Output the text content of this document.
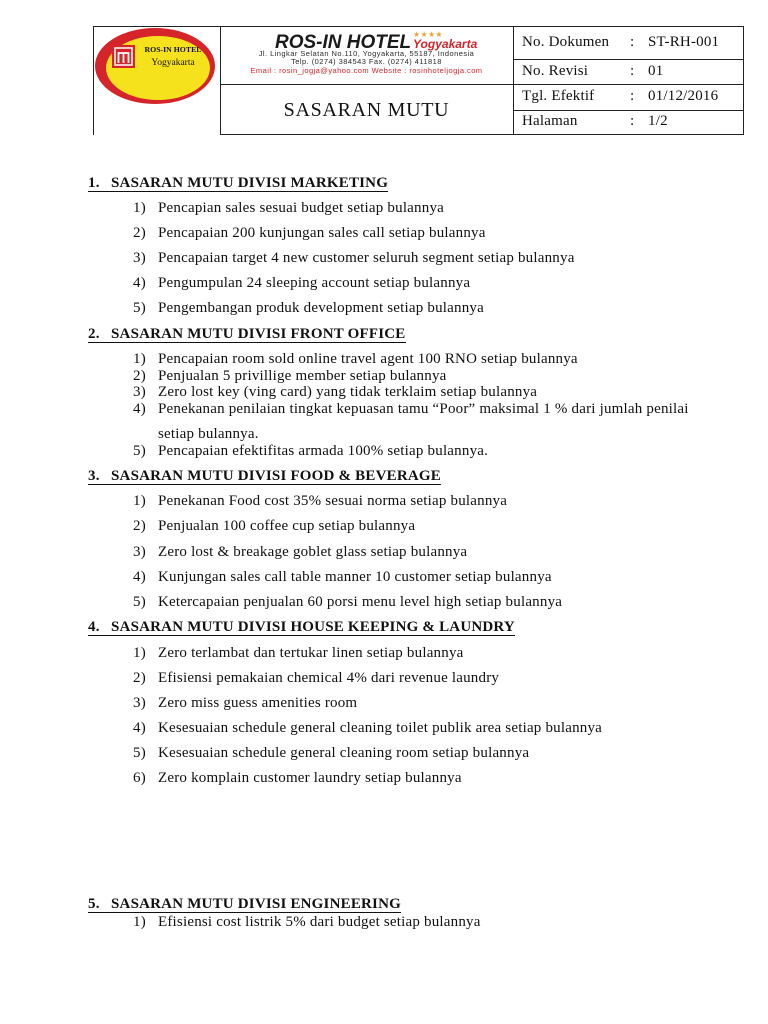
ROS-IN HOTEL
Yogyakarta
ROS-IN HOTEL ★★★★
Yogyakarta
Jl. Lingkar Selatan No.110, Yogyakarta, 55187, Indonesia
Telp. (0274) 384543 Fax. (0274) 411818
Email : rosin_jogja@yahoo.com Website : rosinhoteljogja.com
SASARAN MUTU
No. Dokumen : ST-RH-001
No. Revisi	: 01
Tgl. Efektif : 01/12/2016
Halaman	: 1/2
1. SASARAN MUTU DIVISI MARKETING
1) Pencapian sales sesuai budget setiap bulannya
2) Pencapaian 200 kunjungan sales call setiap bulannya
3) Pencapaian target 4 new customer seluruh segment setiap bulannya
4) Pengumpulan 24 sleeping account setiap bulannya
5) Pengembangan produk development setiap bulannya
2. SASARAN MUTU DIVISI FRONT OFFICE
1) Pencapaian room sold online travel agent 100 RNO setiap bulannya
2) Penjualan 5 privillige member setiap bulannya
3) Zero lost key (ving card) yang tidak terklaim setiap bulannya
4) Penekanan penilaian tingkat kepuasan tamu “Poor” maksimal 1 % dari jumlah penilai
setiap bulannya.
5) Pencapaian efektifitas armada 100% setiap bulannya.
3. SASARAN MUTU DIVISI FOOD & BEVERAGE
1) Penekanan Food cost 35% sesuai norma setiap bulannya
2) Penjualan 100 coffee cup setiap bulannya
3) Zero lost & breakage goblet glass setiap bulannya
4) Kunjungan sales call table manner 10 customer setiap bulannya
5) Ketercapaian penjualan 60 porsi menu level high setiap bulannya
4. SASARAN MUTU DIVISI HOUSE KEEPING & LAUNDRY
1) Zero terlambat dan tertukar linen setiap bulannya
2) Efisiensi pemakaian chemical 4% dari revenue laundry
3) Zero miss guess amenities room
4) Kesesuaian schedule general cleaning toilet publik area setiap bulannya
5) Kesesuaian schedule general cleaning room setiap bulannya
6) Zero komplain customer laundry setiap bulannya
5. SASARAN MUTU DIVISI ENGINEERING
1) Efisiensi cost listrik 5% dari budget setiap bulannya
